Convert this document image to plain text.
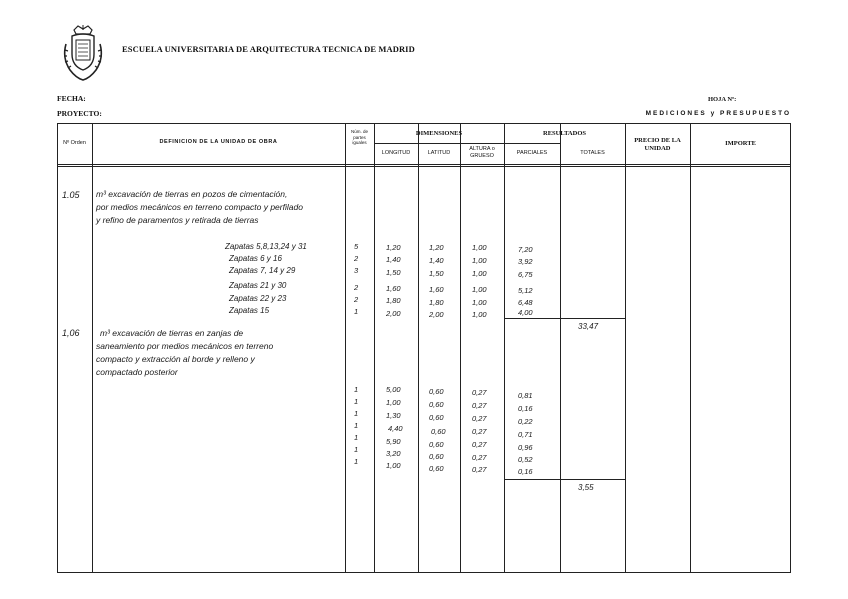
ESCUELA UNIVERSITARIA DE ARQUITECTURA TECNICA DE MADRID
FECHA:
PROYECTO:
HOJA Nº:
MEDICIONES y PRESUPUESTO
Nº Orden	DEFINICION DE LA UNIDAD DE OBRA
Núm. de
partes
iguales
DIMENSIONES
LONGITUD	LATITUD
ALTURA o
GRUESO
RESULTADOS
PARCIALES	TOTALES
PRECIO DE LA
UNIDAD
IMPORTE
1.05 m³ excavación de tierras en pozos de cimentación,
por medios mecánicos en terreno compacto y perfilado
y refino de paramentos y retirada de tierras
Zapatas 5,8,13,24 y 31	5	1,20	1,20	1,00	7,20
Zapatas 6 y 16	2	1,40	1,40	1,00	3,92
Zapatas 7, 14 y 29	3	1,50	1,50	1,00	6,75
Zapatas 21 y 30	2	1,60	1,60	1,00	5,12
Zapatas 22 y 23	2	1,80	1,80	1,00	6,48
Zapatas 15	1	2,00	2,00	1,00	4,00
33,47
1,06 m³ excavación de tierras en zanjas de
saneamiento por medios mecánicos en terreno
compacto y extracción al borde y relleno y
compactado posterior
1	5,00	0,60	0,27	0,81
1	1,00	0,60	0,27	0,16
1	1,30	0,60	0,27	0,22
1	4,40	0,60	0,27	0,71
1	5,90	0,60	0,27	0,96
1	3,20	0,60	0,27	0,52
1	1,00	0,60	0,27	0,16
3,55
